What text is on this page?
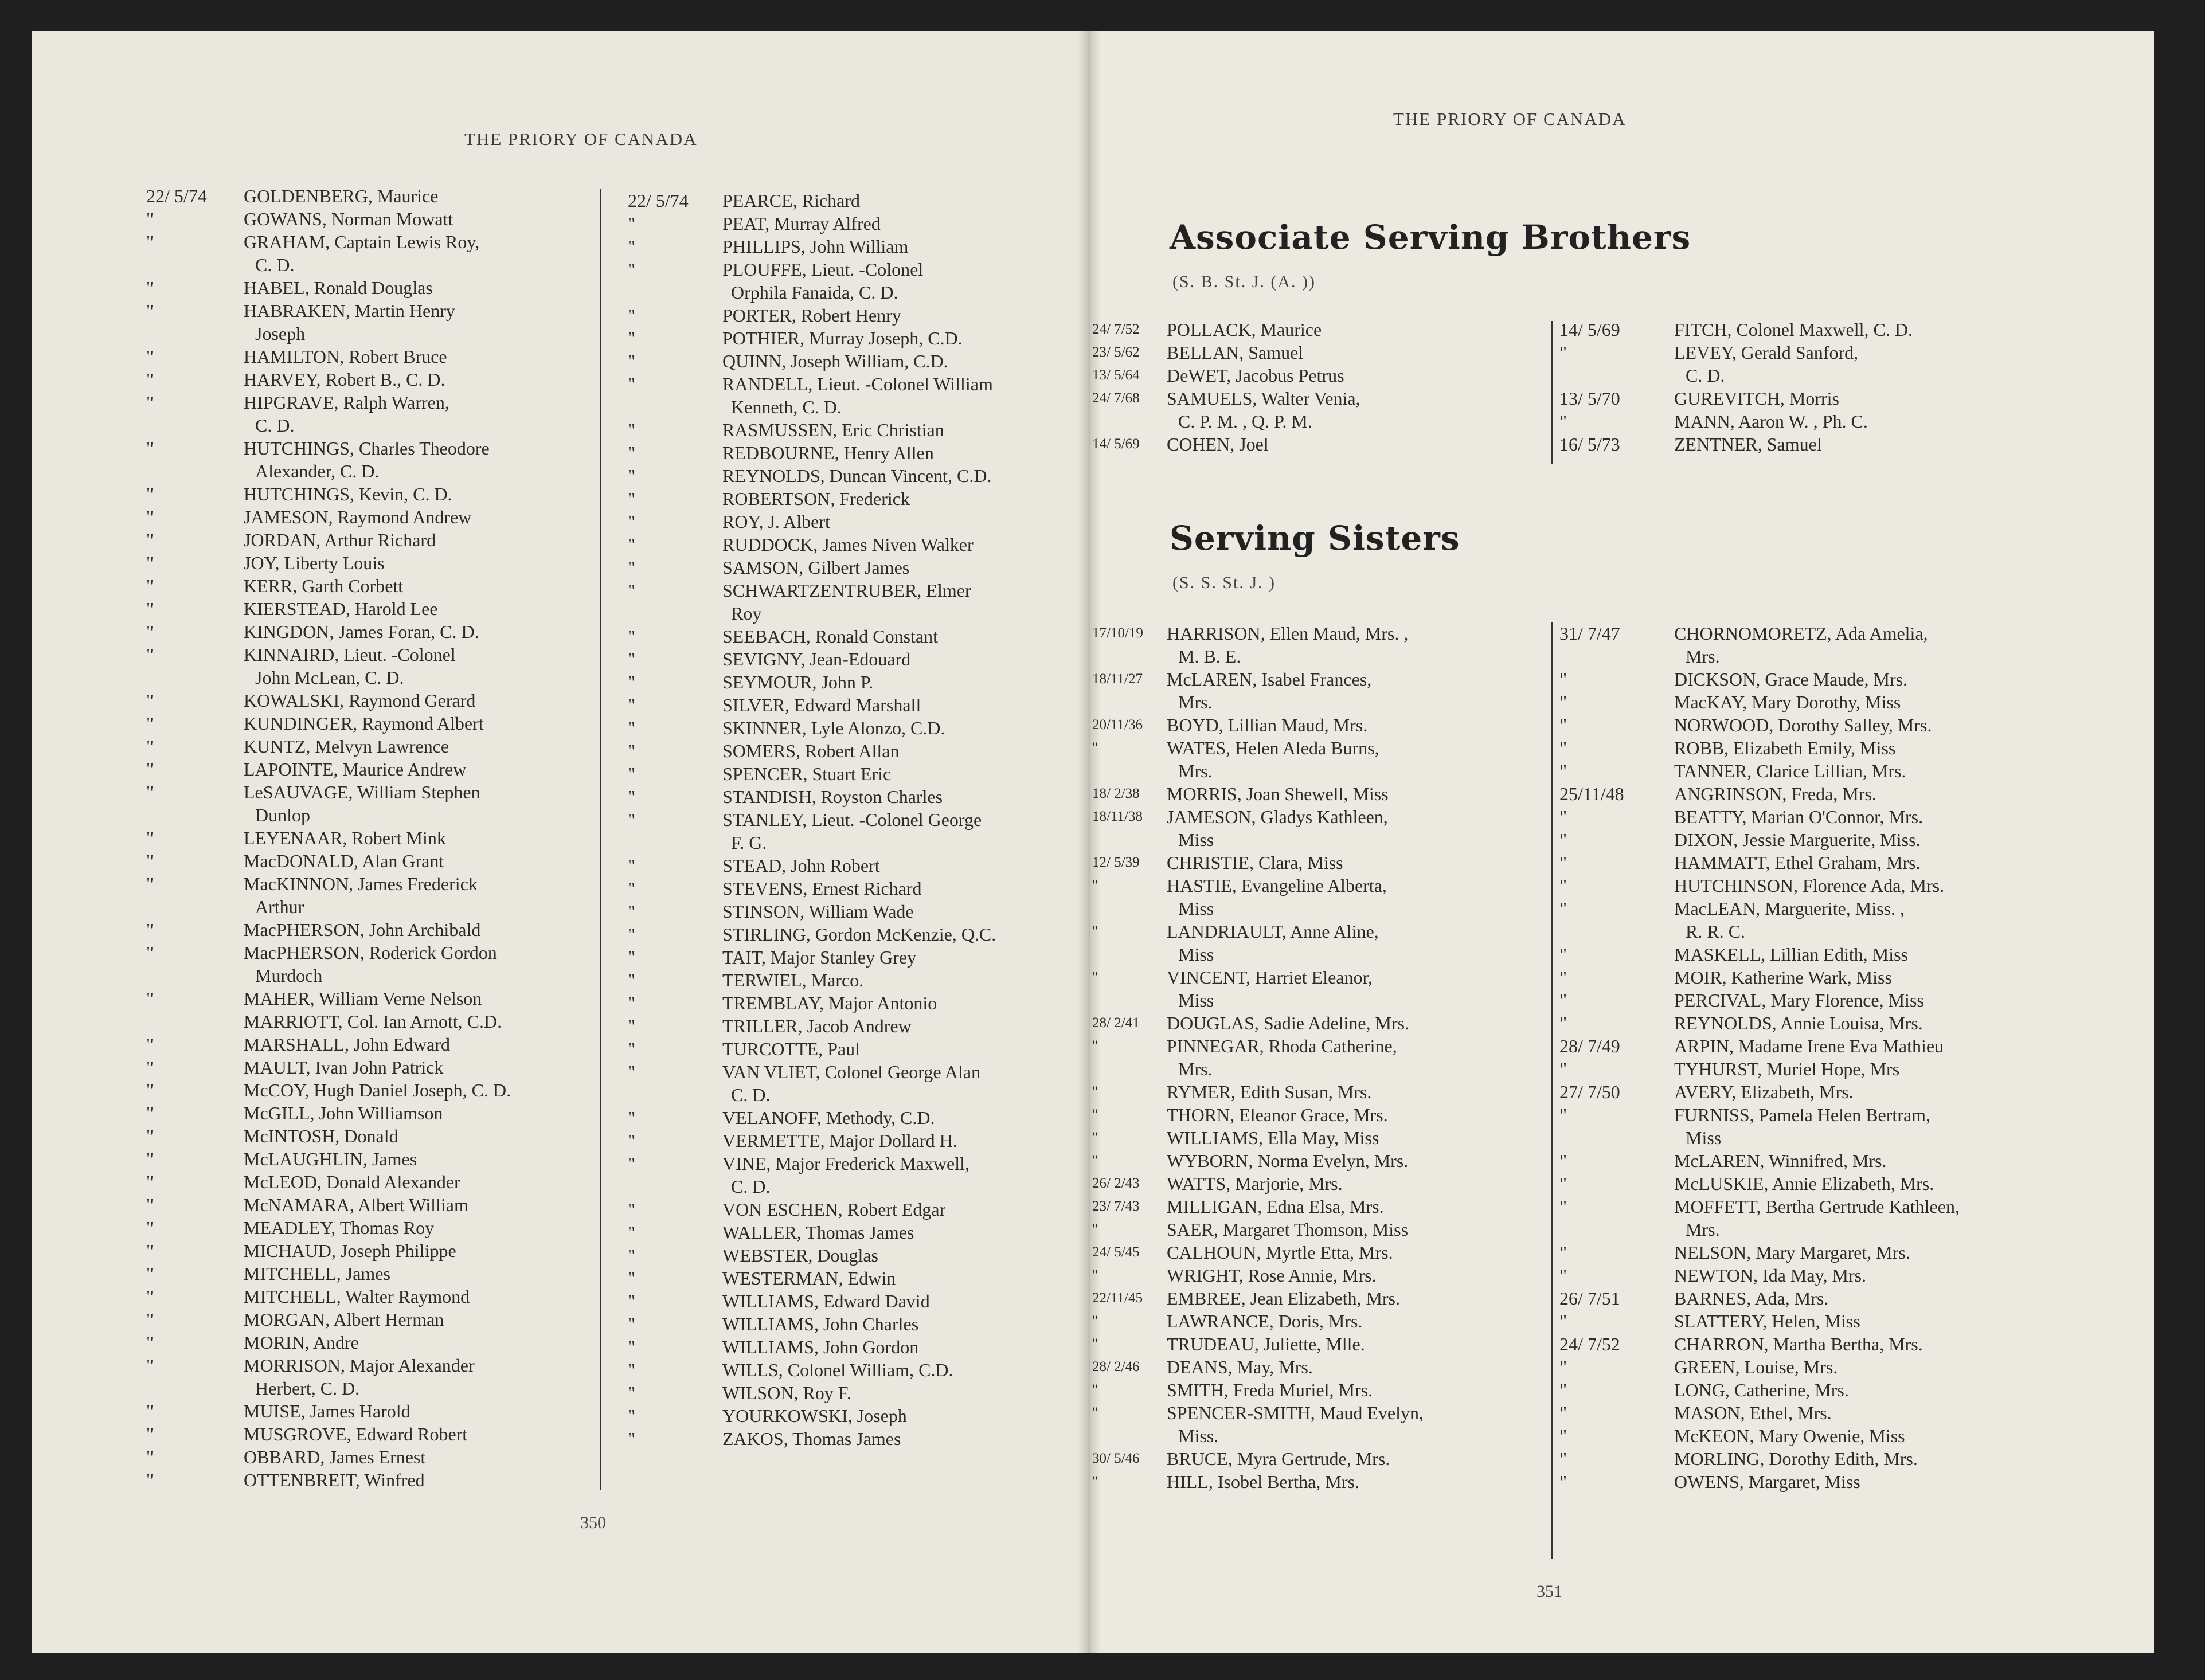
THE PRIORY OF CANADA
22/ 5/74 GOLDENBERG, Maurice
"	GOWANS, Norman Mowatt
"	GRAHAM, Captain Lewis Roy,
C. D.
"	HABEL, Ronald Douglas
"	HABRAKEN, Martin Henry
Joseph
"	HAMILTON, Robert Bruce
"	HARVEY, Robert B., C. D.
"	HIPGRAVE, Ralph Warren,
C. D.
"	HUTCHINGS, Charles Theodore
Alexander, C. D.
"	HUTCHINGS, Kevin, C. D.
"	JAMESON, Raymond Andrew
"	JORDAN, Arthur Richard
"	JOY, Liberty Louis
"	KERR, Garth Corbett
"	KIERSTEAD, Harold Lee
"	KINGDON, James Foran, C. D.
"	KINNAIRD, Lieut. -Colonel
John McLean, C. D.
"	KOWALSKI, Raymond Gerard
"	KUNDINGER, Raymond Albert
"	KUNTZ, Melvyn Lawrence
"	LAPOINTE, Maurice Andrew
"	LeSAUVAGE, William Stephen
Dunlop
"	LEYENAAR, Robert Mink
"	MacDONALD, Alan Grant
"	MacKINNON, James Frederick
Arthur
"	MacPHERSON, John Archibald
"	MacPHERSON, Roderick Gordon
Murdoch
"	MAHER, William Verne Nelson
MARRIOTT, Col. Ian Arnott, C.D.
"	MARSHALL, John Edward
"	MAULT, Ivan John Patrick
"	McCOY, Hugh Daniel Joseph, C. D.
"	McGILL, John Williamson
"	McINTOSH, Donald
"	McLAUGHLIN, James
"	McLEOD, Donald Alexander
"	McNAMARA, Albert William
"	MEADLEY, Thomas Roy
"	MICHAUD, Joseph Philippe
"	MITCHELL, James
"	MITCHELL, Walter Raymond
"	MORGAN, Albert Herman
"	MORIN, Andre
"	MORRISON, Major Alexander
Herbert, C. D.
"	MUISE, James Harold
"	MUSGROVE, Edward Robert
"	OBBARD, James Ernest
"	OTTENBREIT, Winfred
22/ 5/74 PEARCE, Richard
"	PEAT, Murray Alfred
"	PHILLIPS, John William
"	PLOUFFE, Lieut. -Colonel
Orphila Fanaida, C. D.
"	PORTER, Robert Henry
"	POTHIER, Murray Joseph, C.D.
"	QUINN, Joseph William, C.D.
"	RANDELL, Lieut. -Colonel William
Kenneth, C. D.
"	RASMUSSEN, Eric Christian
"	REDBOURNE, Henry Allen
"	REYNOLDS, Duncan Vincent, C.D.
"	ROBERTSON, Frederick
"	ROY, J. Albert
"	RUDDOCK, James Niven Walker
"	SAMSON, Gilbert James
"	SCHWARTZENTRUBER, Elmer
Roy
"	SEEBACH, Ronald Constant
"	SEVIGNY, Jean-Edouard
"	SEYMOUR, John P.
"	SILVER, Edward Marshall
"	SKINNER, Lyle Alonzo, C.D.
"	SOMERS, Robert Allan
"	SPENCER, Stuart Eric
"	STANDISH, Royston Charles
"	STANLEY, Lieut. -Colonel George
F. G.
"	STEAD, John Robert
"	STEVENS, Ernest Richard
"	STINSON, William Wade
"	STIRLING, Gordon McKenzie, Q.C.
"	TAIT, Major Stanley Grey
"	TERWIEL, Marco.
"	TREMBLAY, Major Antonio
"	TRILLER, Jacob Andrew
"	TURCOTTE, Paul
"	VAN VLIET, Colonel George Alan
C. D.
"	VELANOFF, Methody, C.D.
"	VERMETTE, Major Dollard H.
"	VINE, Major Frederick Maxwell,
C. D.
"	VON ESCHEN, Robert Edgar
"	WALLER, Thomas James
"	WEBSTER, Douglas
"	WESTERMAN, Edwin
"	WILLIAMS, Edward David
"	WILLIAMS, John Charles
"	WILLIAMS, John Gordon
"	WILLS, Colonel William, C.D.
"	WILSON, Roy F.
"	YOURKOWSKI, Joseph
"	ZAKOS, Thomas James
350
THE PRIORY OF CANADA
Associate Serving Brothers
(S. B. St. J. (A. ))
24/ 7/52 POLLACK, Maurice
23/ 5/62 BELLAN, Samuel
13/ 5/64 DeWET, Jacobus Petrus
24/ 7/68 SAMUELS, Walter Venia,
C. P. M. , Q. P. M.
14/ 5/69 COHEN, Joel
14/ 5/69	FITCH, Colonel Maxwell, C. D.
"	LEVEY, Gerald Sanford,
C. D.
13/ 5/70	GUREVITCH, Morris
"	MANN, Aaron W. , Ph. C.
16/ 5/73	ZENTNER, Samuel
Serving Sisters
(S. S. St. J. )
17/10/19 HARRISON, Ellen Maud, Mrs. ,
M. B. E.
18/11/27 McLAREN, Isabel Frances,
Mrs.
20/11/36 BOYD, Lillian Maud, Mrs.
"	WATES, Helen Aleda Burns,
Mrs.
18/ 2/38 MORRIS, Joan Shewell, Miss
18/11/38 JAMESON, Gladys Kathleen,
Miss
12/ 5/39 CHRISTIE, Clara, Miss
"	HASTIE, Evangeline Alberta,
Miss
"	LANDRIAULT, Anne Aline,
Miss
"	VINCENT, Harriet Eleanor,
Miss
28/ 2/41 DOUGLAS, Sadie Adeline, Mrs.
"	PINNEGAR, Rhoda Catherine,
Mrs.
"	RYMER, Edith Susan, Mrs.
"	THORN, Eleanor Grace, Mrs.
"	WILLIAMS, Ella May, Miss
"	WYBORN, Norma Evelyn, Mrs.
26/ 2/43 WATTS, Marjorie, Mrs.
23/ 7/43 MILLIGAN, Edna Elsa, Mrs.
"	SAER, Margaret Thomson, Miss
24/ 5/45 CALHOUN, Myrtle Etta, Mrs.
"	WRIGHT, Rose Annie, Mrs.
22/11/45 EMBREE, Jean Elizabeth, Mrs.
"	LAWRANCE, Doris, Mrs.
"	TRUDEAU, Juliette, Mlle.
28/ 2/46 DEANS, May, Mrs.
"	SMITH, Freda Muriel, Mrs.
"	SPENCER-SMITH, Maud Evelyn,
Miss.
30/ 5/46 BRUCE, Myra Gertrude, Mrs.
"	HILL, Isobel Bertha, Mrs.
31/ 7/47	CHORNOMORETZ, Ada Amelia,
Mrs.
"	DICKSON, Grace Maude, Mrs.
"	MacKAY, Mary Dorothy, Miss
"	NORWOOD, Dorothy Salley, Mrs.
"	ROBB, Elizabeth Emily, Miss
"	TANNER, Clarice Lillian, Mrs.
25/11/48	ANGRINSON, Freda, Mrs.
"	BEATTY, Marian O'Connor, Mrs.
"	DIXON, Jessie Marguerite, Miss.
"	HAMMATT, Ethel Graham, Mrs.
"	HUTCHINSON, Florence Ada, Mrs.
"	MacLEAN, Marguerite, Miss. ,
R. R. C.
"	MASKELL, Lillian Edith, Miss
"	MOIR, Katherine Wark, Miss
"	PERCIVAL, Mary Florence, Miss
"	REYNOLDS, Annie Louisa, Mrs.
28/ 7/49	ARPIN, Madame Irene Eva Mathieu
"	TYHURST, Muriel Hope, Mrs
27/ 7/50	AVERY, Elizabeth, Mrs.
"	FURNISS, Pamela Helen Bertram,
Miss
"	McLAREN, Winnifred, Mrs.
"	McLUSKIE, Annie Elizabeth, Mrs.
"	MOFFETT, Bertha Gertrude Kathleen,
Mrs.
"	NELSON, Mary Margaret, Mrs.
"	NEWTON, Ida May, Mrs.
26/ 7/51	BARNES, Ada, Mrs.
"	SLATTERY, Helen, Miss
24/ 7/52	CHARRON, Martha Bertha, Mrs.
"	GREEN, Louise, Mrs.
"	LONG, Catherine, Mrs.
"	MASON, Ethel, Mrs.
"	McKEON, Mary Owenie, Miss
"	MORLING, Dorothy Edith, Mrs.
"	OWENS, Margaret, Miss
351
